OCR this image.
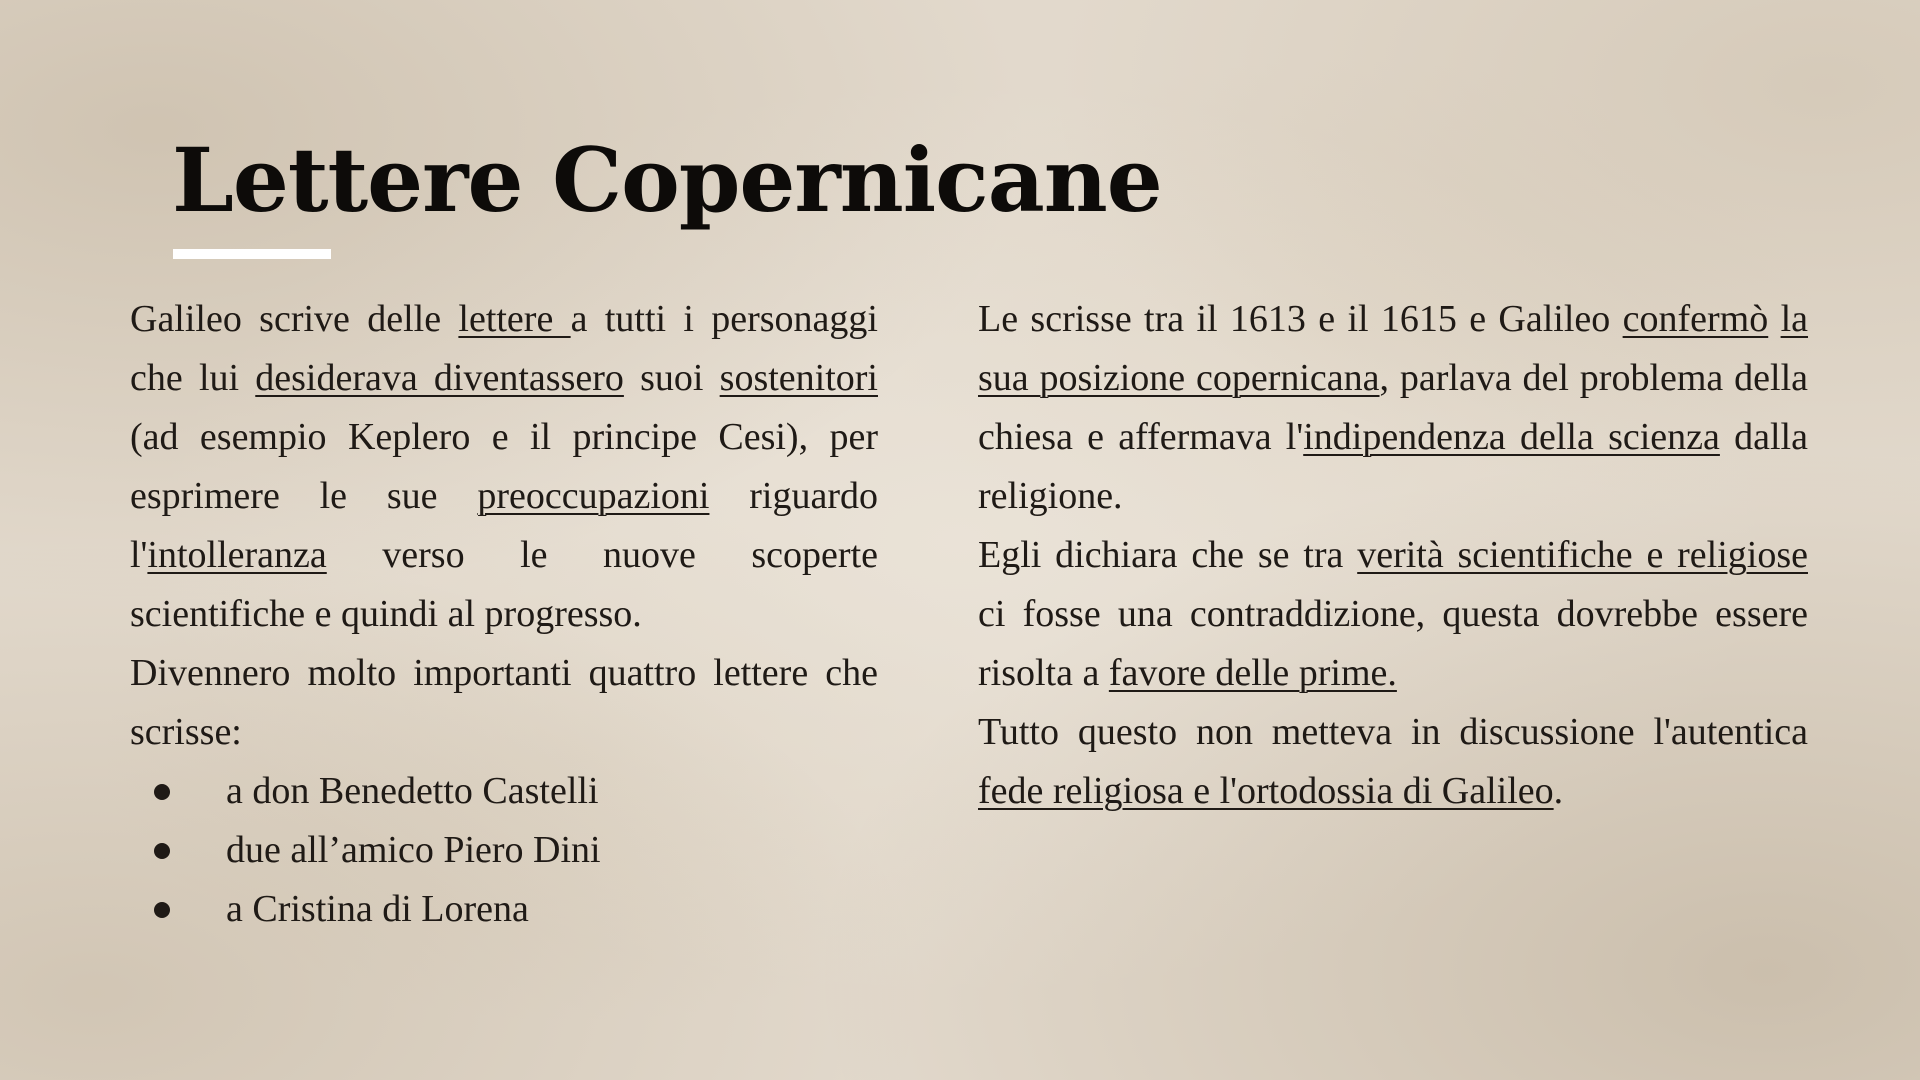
Lettere Copernicane

Galileo scrive delle lettere a tutti i personaggi che lui desiderava diventassero suoi sostenitori (ad esempio Keplero e il principe Cesi), per esprimere le sue preoccupazioni riguardo l'intolleranza verso le nuove scoperte scientifiche e quindi al progresso.

Divennero molto importanti quattro lettere che scrisse:

a don Benedetto Castelli
due all’amico Piero Dini
a Cristina di Lorena

Le scrisse tra il 1613 e il 1615 e Galileo confermò la sua posizione copernicana, parlava del problema della chiesa e affermava l'indipendenza della scienza dalla religione.

Egli dichiara che se tra verità scientifiche e religiose ci fosse una contraddizione, questa dovrebbe essere risolta a favore delle prime.

Tutto questo non metteva in discussione l'autentica fede religiosa e l'ortodossia di Galileo.
